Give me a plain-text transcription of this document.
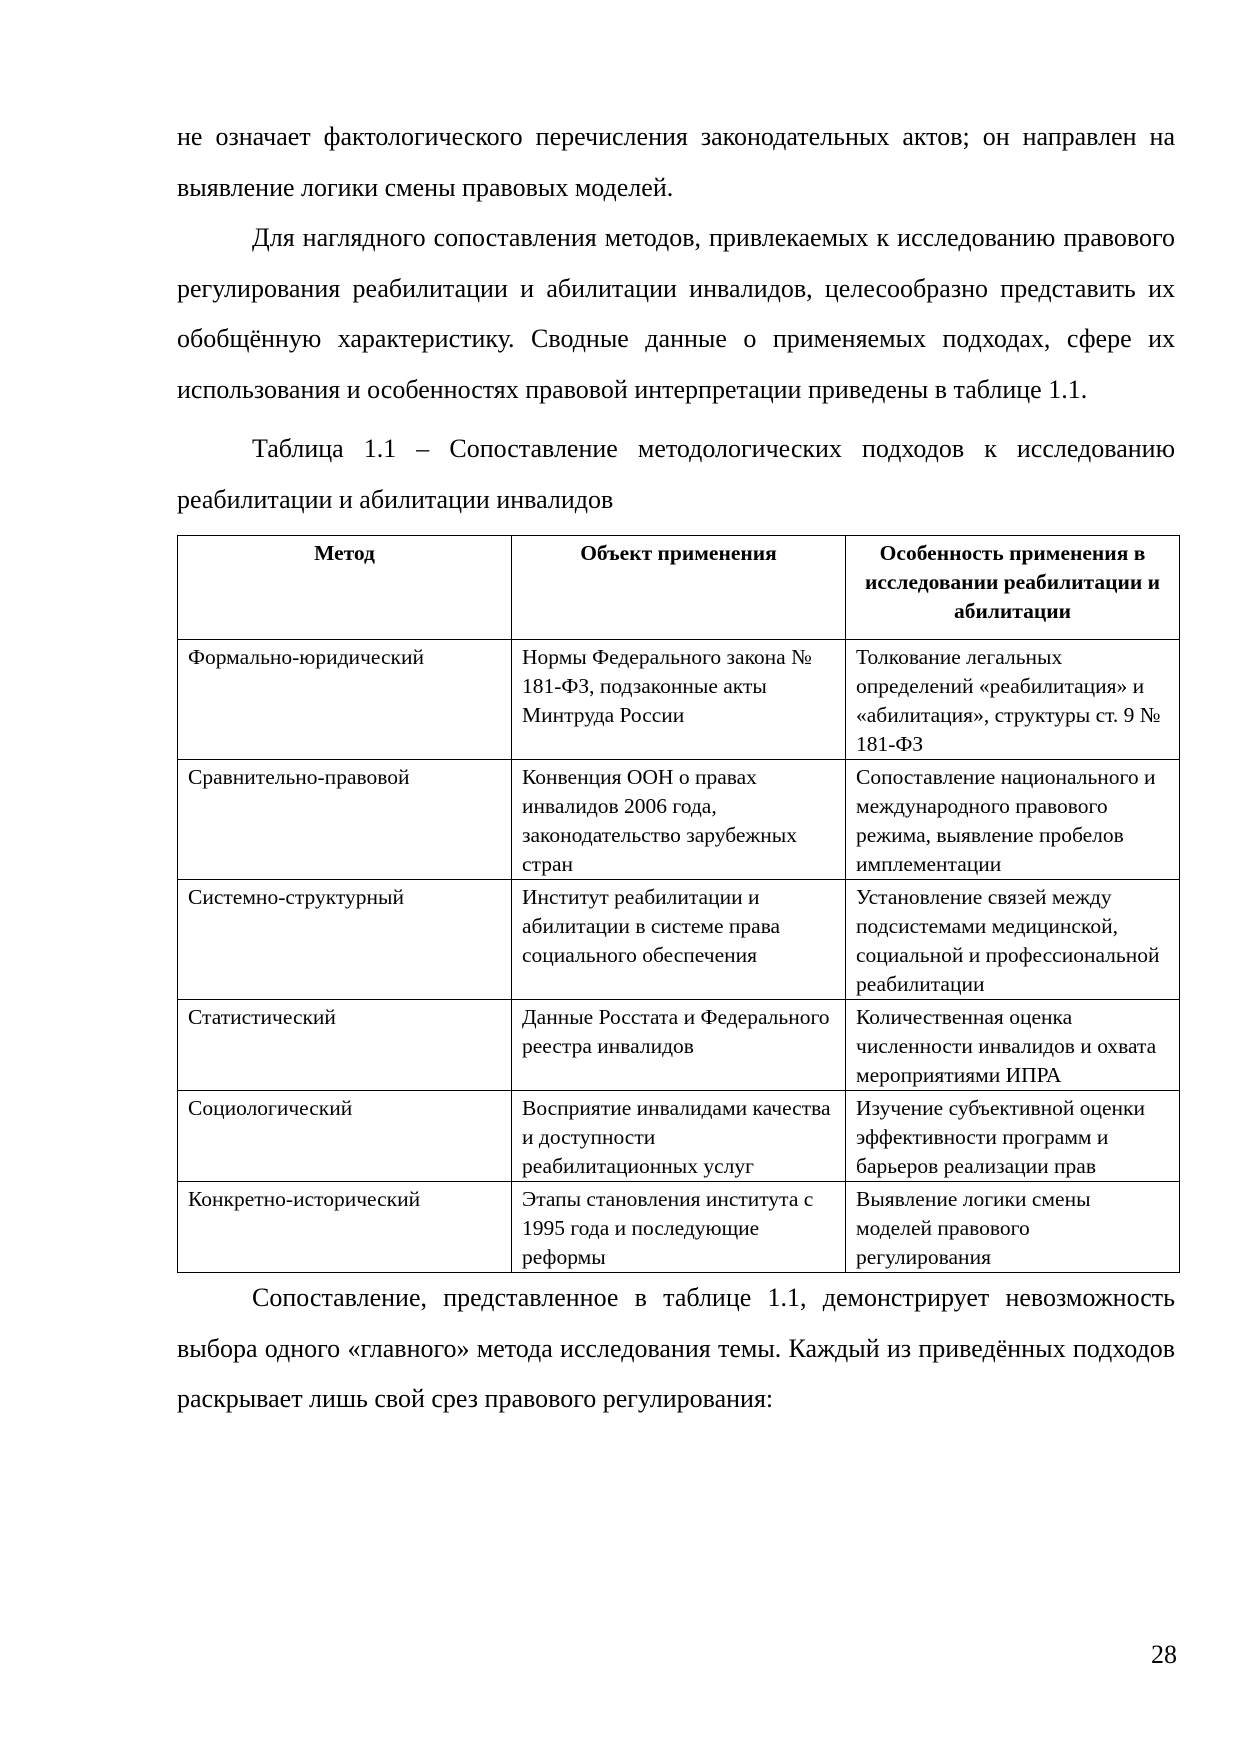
не означает фактологического перечисления законодательных актов; он направлен на выявление логики смены правовых моделей.

Для наглядного сопоставления методов, привлекаемых к исследованию правового регулирования реабилитации и абилитации инвалидов, целесообразно представить их обобщённую характеристику. Сводные данные о применяемых подходах, сфере их использования и особенностях правовой интерпретации приведены в таблице 1.1.

Таблица 1.1 – Сопоставление методологических подходов к исследованию реабилитации и абилитации инвалидов

Метод	Объект применения	Особенность применения в исследовании реабилитации и абилитации
Формально-юридический	Нормы Федерального закона № 181-ФЗ, подзаконные акты Минтруда России	Толкование легальных определений «реабилитация» и «абилитация», структуры ст. 9 № 181-ФЗ
Сравнительно-правовой	Конвенция ООН о правах инвалидов 2006 года, законодательство зарубежных стран	Сопоставление национального и международного правового режима, выявление пробелов имплементации
Системно-структурный	Институт реабилитации и абилитации в системе права социального обеспечения	Установление связей между подсистемами медицинской, социальной и профессиональной реабилитации
Статистический	Данные Росстата и Федерального реестра инвалидов	Количественная оценка численности инвалидов и охвата мероприятиями ИПРА
Социологический	Восприятие инвалидами качества и доступности реабилитационных услуг	Изучение субъективной оценки эффективности программ и барьеров реализации прав
Конкретно-исторический	Этапы становления института с 1995 года и последующие реформы	Выявление логики смены моделей правового регулирования

Сопоставление, представленное в таблице 1.1, демонстрирует невозможность выбора одного «главного» метода исследования темы. Каждый из приведённых подходов раскрывает лишь свой срез правового регулирования:

28
